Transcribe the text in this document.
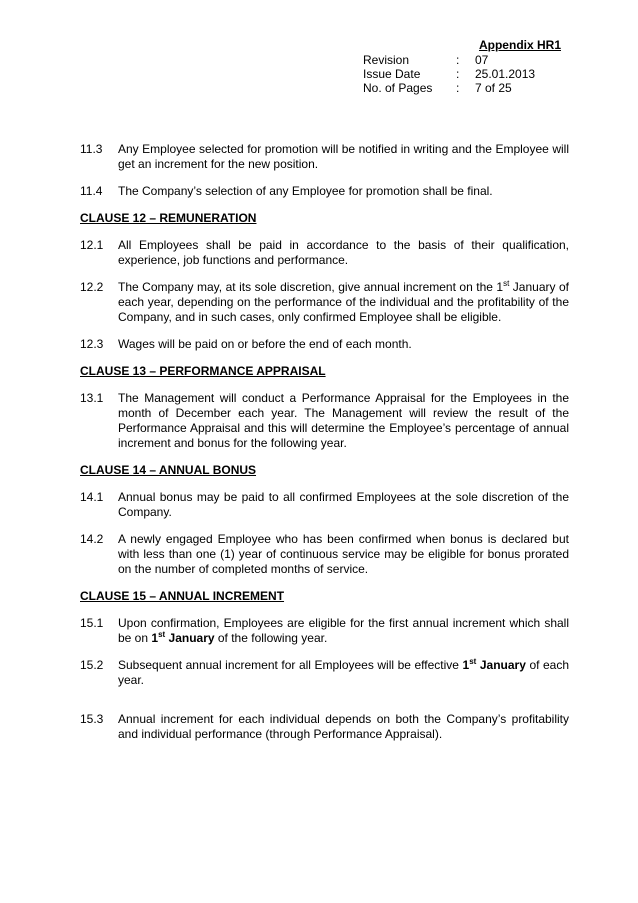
Appendix HR1
Revision	:	07
Issue Date	:	25.01.2013
No. of Pages	:	7 of 25
11.3	Any Employee selected for promotion will be notified in writing and the Employee will get an increment for the new position.
11.4	The Company’s selection of any Employee for promotion shall be final.
CLAUSE 12 – REMUNERATION
12.1	All Employees shall be paid in accordance to the basis of their qualification, experience, job functions and performance.
12.2	The Company may, at its sole discretion, give annual increment on the 1st January of each year, depending on the performance of the individual and the profitability of the Company, and in such cases, only confirmed Employee shall be eligible.
12.3	Wages will be paid on or before the end of each month.
CLAUSE 13 – PERFORMANCE APPRAISAL
13.1	The Management will conduct a Performance Appraisal for the Employees in the month of December each year. The Management will review the result of the Performance Appraisal and this will determine the Employee’s percentage of annual increment and bonus for the following year.
CLAUSE 14 – ANNUAL BONUS
14.1	Annual bonus may be paid to all confirmed Employees at the sole discretion of the Company.
14.2	A newly engaged Employee who has been confirmed when bonus is declared but with less than one (1) year of continuous service may be eligible for bonus prorated on the number of completed months of service.
CLAUSE 15 – ANNUAL INCREMENT
15.1	Upon confirmation, Employees are eligible for the first annual increment which shall be on 1st January of the following year.
15.2	Subsequent annual increment for all Employees will be effective 1st January of each year.
15.3	Annual increment for each individual depends on both the Company’s profitability and individual performance (through Performance Appraisal).
